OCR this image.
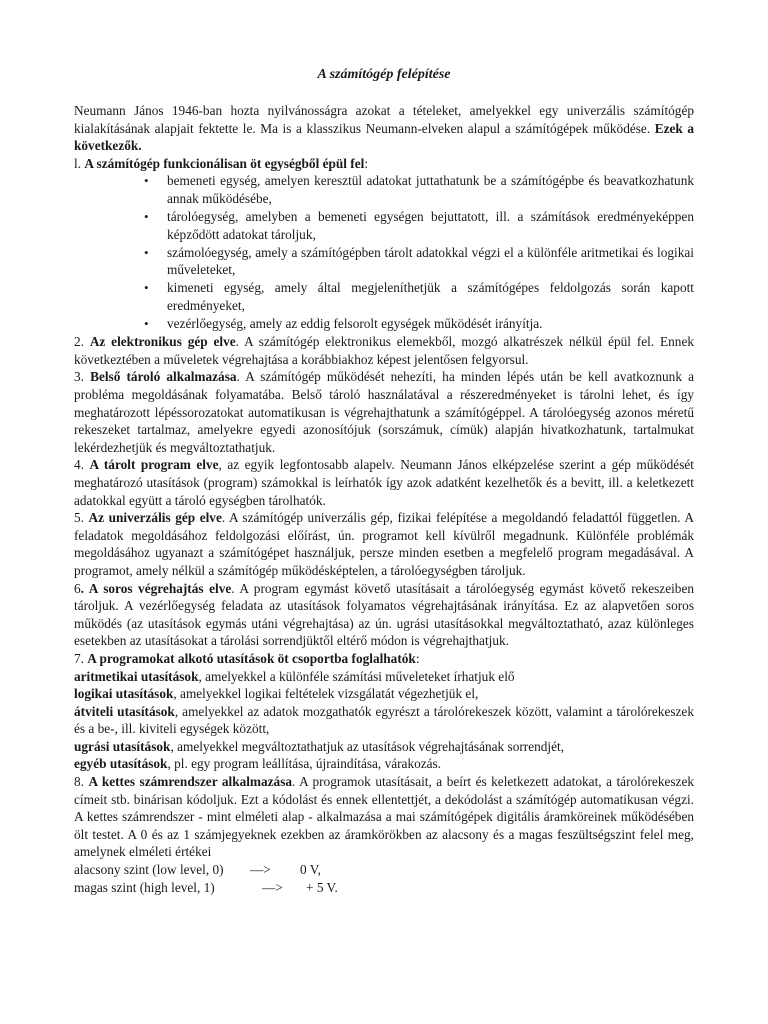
A számítógép felépítése

Neumann János 1946-ban hozta nyilvánosságra azokat a tételeket, amelyekkel egy univerzális számítógép kialakításának alapjait fektette le. Ma is a klasszikus Neumann-elveken alapul a számítógépek működése. Ezek a következők.

l. A számítógép funkcionálisan öt egységből épül fel:

• bemeneti egység, amelyen keresztül adatokat juttathatunk be a számítógépbe és beavatkozhatunk annak működésébe,
• tárolóegység, amelyben a bemeneti egységen bejuttatott, ill. a számítások eredményeképpen képződött adatokat tároljuk,
• számolóegység, amely a számítógépben tárolt adatokkal végzi el a különféle aritmetikai és logikai műveleteket,
• kimeneti egység, amely által megjeleníthetjük a számítógépes feldolgozás során kapott eredményeket,
• vezérlőegység, amely az eddig felsorolt egységek működését irányítja.

2. Az elektronikus gép elve. A számítógép elektronikus elemekből, mozgó alkatrészek nélkül épül fel. Ennek következtében a műveletek végrehajtása a korábbiakhoz képest jelentősen felgyorsul.

3. Belső tároló alkalmazása. A számítógép működését nehezíti, ha minden lépés után be kell avatkoznunk a probléma megoldásának folyamatába. Belső tároló használatával a részeredményeket is tárolni lehet, és így meghatározott lépéssorozatokat automatikusan is végrehajthatunk a számítógéppel. A tárolóegység azonos méretű rekeszeket tartalmaz, amelyekre egyedi azonosítójuk (sorszámuk, címük) alapján hivatkozhatunk, tartalmukat lekérdezhetjük és megváltoztathatjuk.

4. A tárolt program elve, az egyik legfontosabb alapelv. Neumann János elképzelése szerint a gép működését meghatározó utasítások (program) számokkal is leírhatók így azok adatként kezelhetők és a bevitt, ill. a keletkezett adatokkal együtt a tároló egységben tárolhatók.

5. Az univerzális gép elve. A számítógép univerzális gép, fizikai felépítése a megoldandó feladattól független. A feladatok megoldásához feldolgozási előírást, ún. programot kell kívülről megadnunk. Különféle problémák megoldásához ugyanazt a számítógépet használjuk, persze minden esetben a megfelelő program megadásával. A programot, amely nélkül a számítógép működésképtelen, a tárolóegységben tároljuk.

6. A soros végrehajtás elve. A program egymást követő utasításait a tárolóegység egymást követő rekeszeiben tároljuk. A vezérlőegység feladata az utasítások folyamatos végrehajtásának irányítása. Ez az alapvetően soros működés (az utasítások egymás utáni végrehajtása) az ún. ugrási utasításokkal megváltoztatható, azaz különleges esetekben az utasításokat a tárolási sorrendjüktől eltérő módon is végrehajthatjuk.

7. A programokat alkotó utasítások öt csoportba foglalhatók:

aritmetikai utasítások, amelyekkel a különféle számítási műveleteket írhatjuk elő

logikai utasítások, amelyekkel logikai feltételek vizsgálatát végezhetjük el,

átviteli utasítások, amelyekkel az adatok mozgathatók egyrészt a tárolórekeszek között, valamint a tárolórekeszek és a be-, ill. kiviteli egységek között,

ugrási utasítások, amelyekkel megváltoztathatjuk az utasítások végrehajtásának sorrendjét,

egyéb utasítások, pl. egy program leállítása, újraindítása, várakozás.

8. A kettes számrendszer alkalmazása. A programok utasításait, a beírt és keletkezett adatokat, a tárolórekeszek címeit stb. binárisan kódoljuk. Ezt a kódolást és ennek ellentettjét, a dekódolást a számítógép automatikusan végzi. A kettes számrendszer - mint elméleti alap - alkalmazása a mai számítógépek digitális áramköreinek működésében ölt testet. A 0 és az 1 számjegyeknek ezekben az áramkörökben az alacsony és a magas feszültségszint felel meg, amelynek elméleti értékei

alacsony szint (low level, 0)	—>	0 V,
magas szint (high level, 1)	—>	+ 5 V.
